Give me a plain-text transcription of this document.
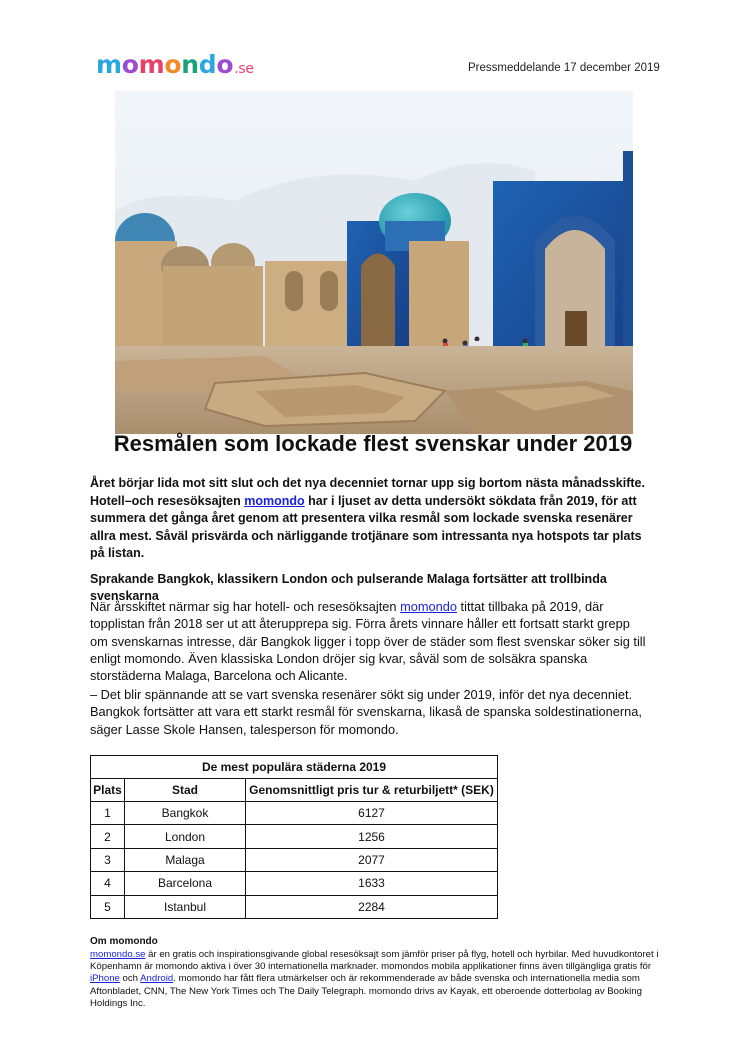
momondo.se	Pressmeddelande 17 december 2019
Resmålen som lockade flest svenskar under 2019
Året börjar lida mot sitt slut och det nya decenniet tornar upp sig bortom nästa månadsskifte. Hotell–och resesöksajten momondo har i ljuset av detta undersökt sökdata från 2019, för att summera det gånga året genom att presentera vilka resmål som lockade svenska resenärer allra mest. Såväl prisvärda och närliggande trotjänare som intressanta nya hotspots tar plats på listan.
Sprakande Bangkok, klassikern London och pulserande Malaga fortsätter att trollbinda svenskarna
När årsskiftet närmar sig har hotell- och resesöksajten momondo tittat tillbaka på 2019, där topplistan från 2018 ser ut att återupprepa sig. Förra årets vinnare håller ett fortsatt starkt grepp om svenskarnas intresse, där Bangkok ligger i topp över de städer som flest svenskar söker sig till enligt momondo. Även klassiska London dröjer sig kvar, såväl som de solsäkra spanska storstäderna Malaga, Barcelona och Alicante.
– Det blir spännande att se vart svenska resenärer sökt sig under 2019, inför det nya decenniet. Bangkok fortsätter att vara ett starkt resmål för svenskarna, likaså de spanska soldestinationerna, säger Lasse Skole Hansen, talesperson för momondo.
De mest populära städerna 2019		
Plats	Stad	Genomsnittligt pris tur & returbiljett* (SEK)
1	Bangkok	6127
2	London	1256
3	Malaga	2077
4	Barcelona	1633
5	Istanbul	2284
Om momondo
momondo.se är en gratis och inspirationsgivande global resesöksajt som jämför priser på flyg, hotell och hyrbilar. Med huvudkontoret i Köpenhamn är momondo aktiva i över 30 internationella marknader. momondos mobila applikationer finns även tillgängliga gratis för iPhone och Android. momondo har fått flera utmärkelser och är rekommenderade av både svenska och internationella media som Aftonbladet, CNN, The New York Times och The Daily Telegraph. momondo drivs av Kayak, ett oberoende dotterbolag av Booking Holdings Inc.
